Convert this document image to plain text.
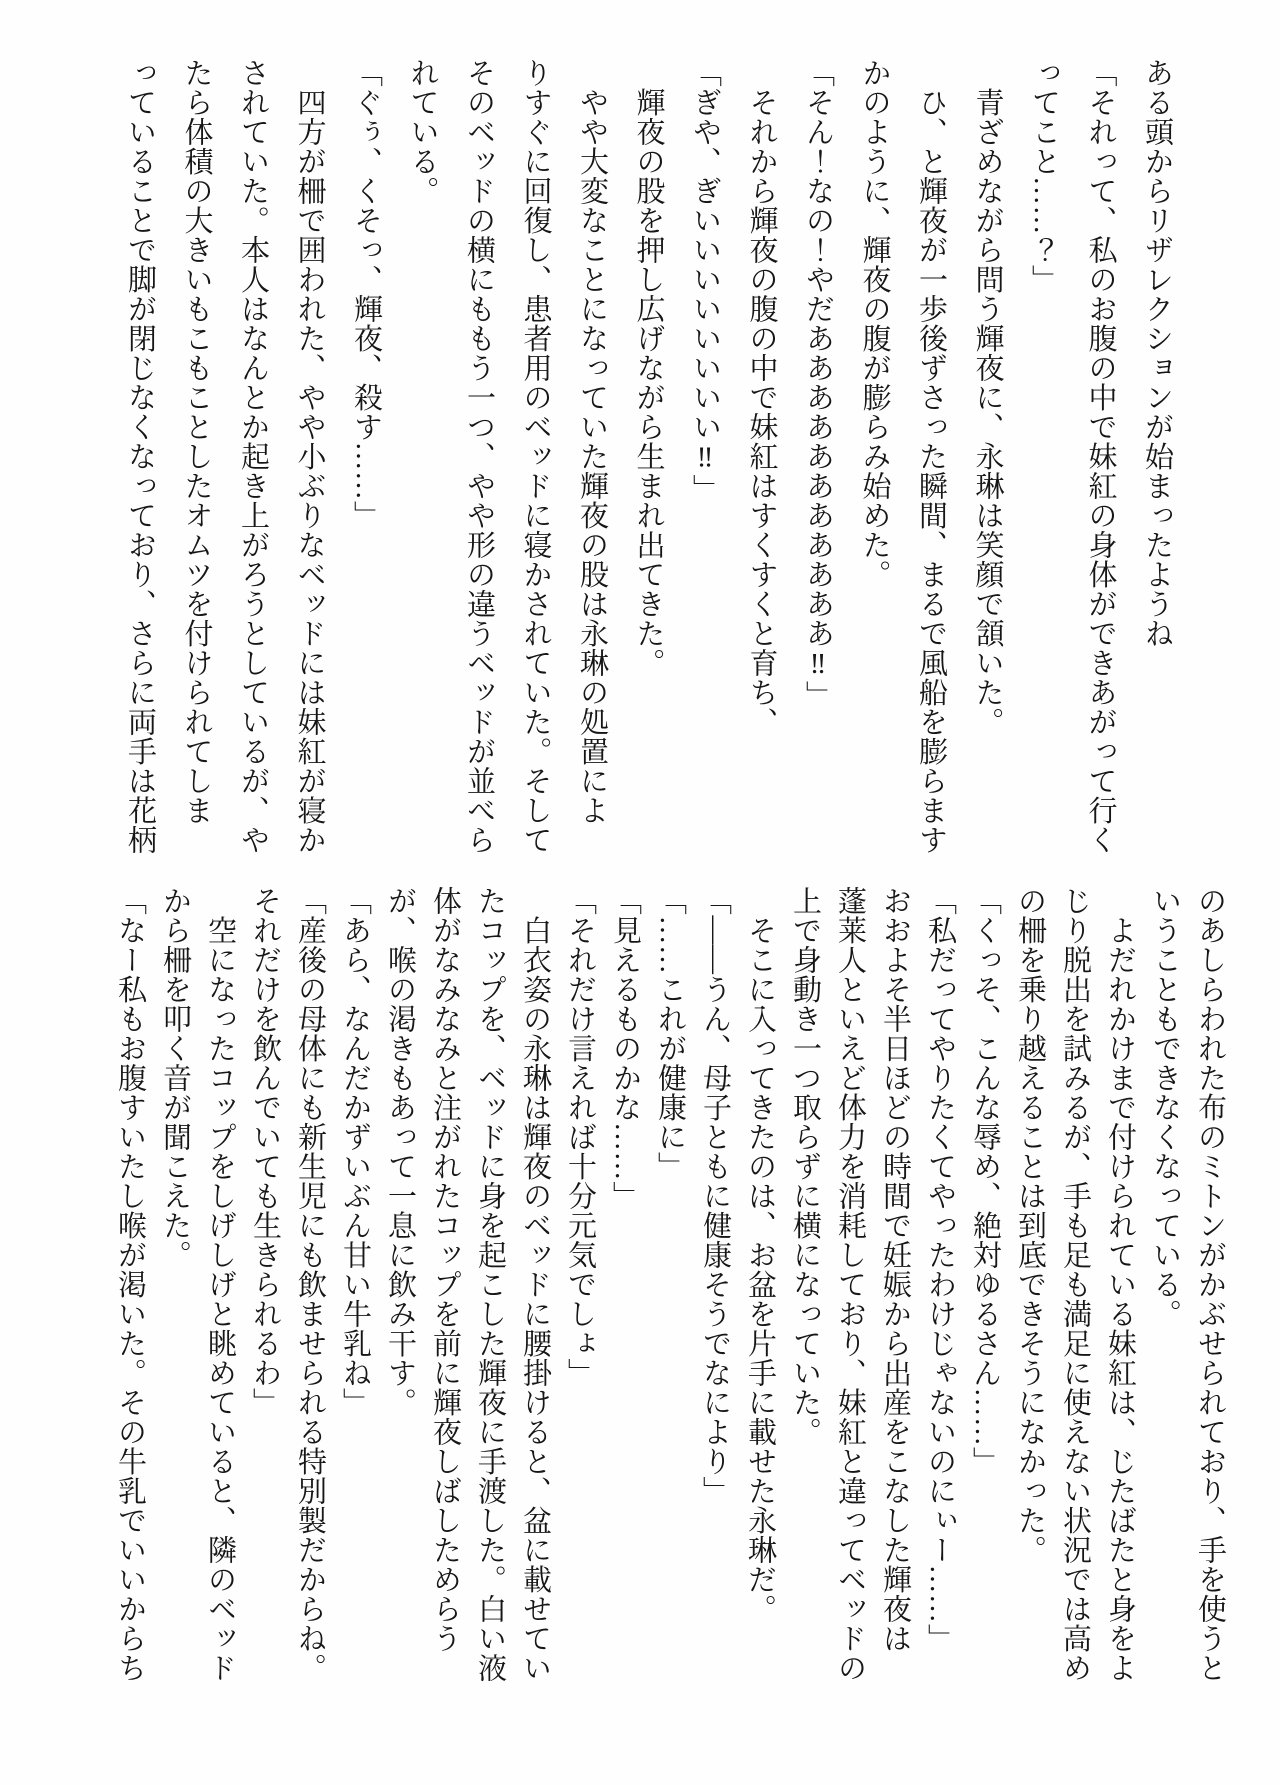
ある頭からリザレクションが始まったようね

「それって、私のお腹の中で妹紅の身体ができあがって行く

ってこと……？」

　青ざめながら問う輝夜に、永琳は笑顔で頷いた。

　ひ、と輝夜が一歩後ずさった瞬間、まるで風船を膨らます

かのように、輝夜の腹が膨らみ始めた。

「そん！なの！やだあああああああああああ‼」

　それから輝夜の腹の中で妹紅はすくすくと育ち、

「ぎや、ぎいいいいいいいい‼」

　輝夜の股を押し広げながら生まれ出てきた。

　やや大変なことになっていた輝夜の股は永琳の処置によ

りすぐに回復し、患者用のベッドに寝かされていた。そして

そのベッドの横にももう一つ、やや形の違うベッドが並べら

れている。

「ぐぅ、くそっ、輝夜、殺す……」

　四方が柵で囲われた、やや小ぶりなベッドには妹紅が寝か

されていた。本人はなんとか起き上がろうとしているが、や

たら体積の大きいもこもことしたオムツを付けられてしま

っていることで脚が閉じなくなっており、さらに両手は花柄

のあしらわれた布のミトンがかぶせられており、手を使うと

いうこともできなくなっている。

　よだれかけまで付けられている妹紅は、じたばたと身をよ

じり脱出を試みるが、手も足も満足に使えない状況では高め

の柵を乗り越えることは到底できそうになかった。

「くっそ、こんな辱め、絶対ゆるさん……」

「私だってやりたくてやったわけじゃないのにぃー……」

おおよそ半日ほどの時間で妊娠から出産をこなした輝夜は

蓬莱人といえど体力を消耗しており、妹紅と違ってベッドの

上で身動き一つ取らずに横になっていた。

　そこに入ってきたのは、お盆を片手に載せた永琳だ。

「――うん、母子ともに健康そうでなにより」

「……これが健康に」

「見えるものかな……」

「それだけ言えれば十分元気でしょ」

　白衣姿の永琳は輝夜のベッドに腰掛けると、盆に載せてい

たコップを、ベッドに身を起こした輝夜に手渡した。白い液

体がなみなみと注がれたコップを前に輝夜しばしためらう

が、喉の渇きもあって一息に飲み干す。

「あら、なんだかずいぶん甘い牛乳ね」

「産後の母体にも新生児にも飲ませられる特別製だからね。

それだけを飲んでいても生きられるわ」

　空になったコップをしげしげと眺めていると、隣のベッド

から柵を叩く音が聞こえた。

「なー私もお腹すいたし喉が渇いた。その牛乳でいいからち
